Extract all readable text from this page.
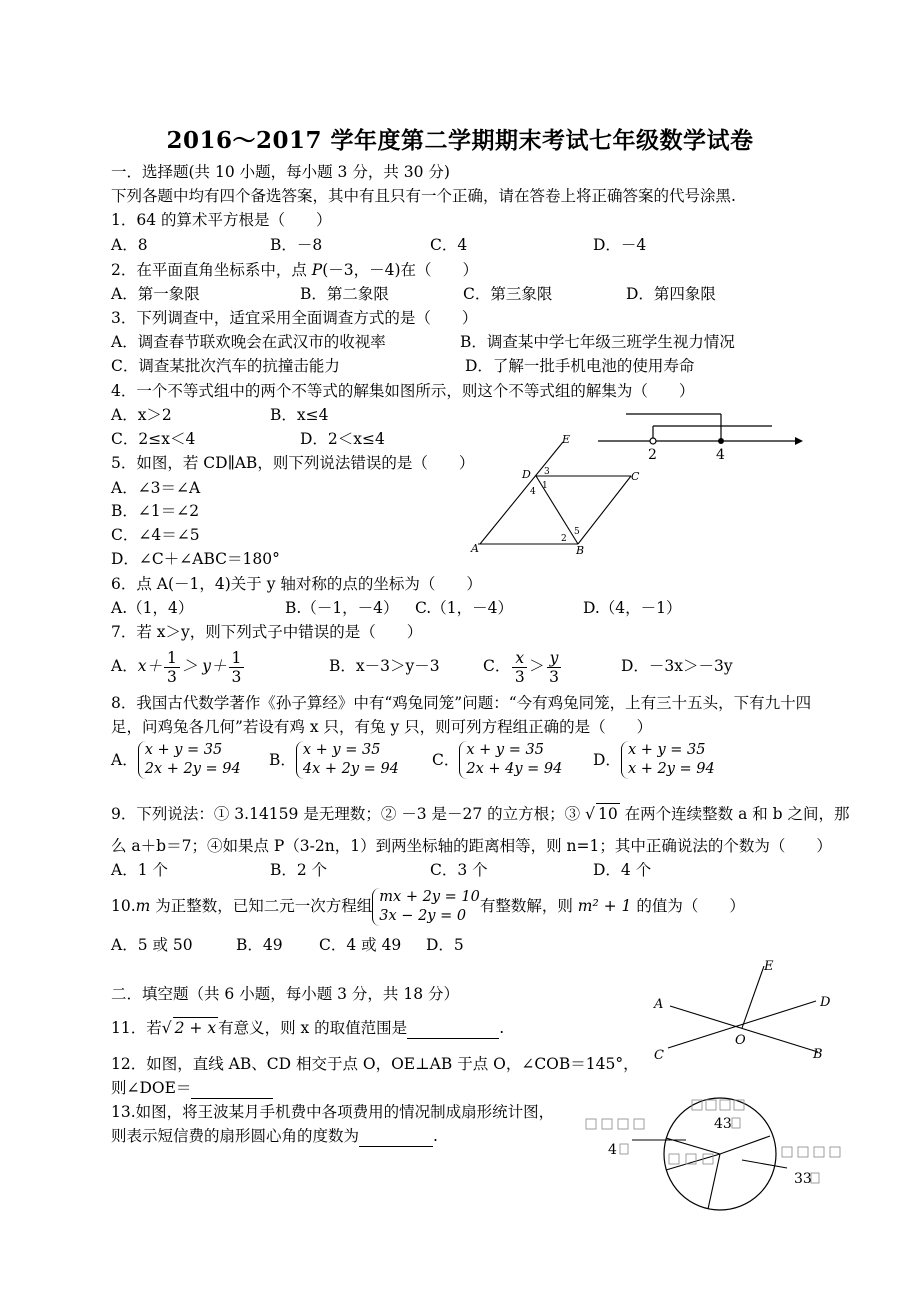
2016～2017 学年度第二学期期末考试七年级数学试卷
一．选择题(共 10 小题，每小题 3 分，共 30 分)
下列各题中均有四个备选答案，其中有且只有一个正确，请在答卷上将正确答案的代号涂黑.
1．64 的算术平方根是（　　）
A．8	B．－8	C．4	D．－4
2．在平面直角坐标系中，点 P(－3，－4)在（　　）
A．第一象限	B．第二象限	C．第三象限	D．第四象限
3．下列调查中，适宜采用全面调查方式的是（　　）
A．调查春节联欢晚会在武汉市的收视率	B．调查某中学七年级三班学生视力情况
C．调查某批次汽车的抗撞击能力	D．了解一批手机电池的使用寿命
4．一个不等式组中的两个不等式的解集如图所示，则这个不等式组的解集为（　　）
A．x＞2	B．x≤4
C．2≤x＜4	D．2＜x≤4
2	4
5．如图，若 CD∥AB，则下列说法错误的是（　　）
A．∠3＝∠A
B．∠1＝∠2
C．∠4＝∠5
D．∠C＋∠ABC＝180°
E
D	C
A	B
3
1
4
2
5
6．点 A(－1，4)关于 y 轴对称的点的坐标为（　　）
A.（1，4）	B.（－1，－4） C.（1，－4）	D.（4，－1）
7．若 x＞y，则下列式子中错误的是（　　）
A．$x+ \frac{1}{3} > y+ \frac{1}{3}$	B．x－3＞y－3	C． $\frac{x}{3} > \frac{y}{3}$	D．－3x＞－3y
8．我国古代数学著作《孙子算经》中有“鸡兔同笼”问题：“今有鸡兔同笼，上有三十五头，下有九十四
足，问鸡兔各几何”若设有鸡 x 只，有兔 y 只，则可列方程组正确的是（　　）
A．
x + y = 35
2x + 2y = 94 B．
x + y = 35
4x + 2y = 94 C．
x + y = 35
2x + 4y = 94 D．
x + y = 35
x + 2y = 94
9．下列说法：① 3.14159 是无理数；② －3 是－27 的立方根；③ √ 10 在两个连续整数 a 和 b 之间，那
么 a＋b＝7；④如果点 P（3-2n，1）到两坐标轴的距离相等，则 n=1；其中正确说法的个数为（　　）
A．1 个	B．2 个	C．3 个	D．4 个
10.m 为正整数，已知二元一次方程组 mx + 2y = 10
3x − 2y = 0
有整数解，则 m² + 1 的值为（　　）
A．5 或 50	B．49 C．4 或 49 D．5
二．填空题（共 6 小题，每小题 3 分，共 18 分）
11．若√ 2 + x 有意义，则 x 的取值范围是	.
12．如图，直线 AB、CD 相交于点 O，OE⊥AB 于点 O，∠COB＝145°，
则∠DOE＝
E
A	D
O
C	B
13.如图，将王波某月手机费中各项费用的情况制成扇形统计图，
则表示短信费的扇形圆心角的度数为	.
43
4
33
